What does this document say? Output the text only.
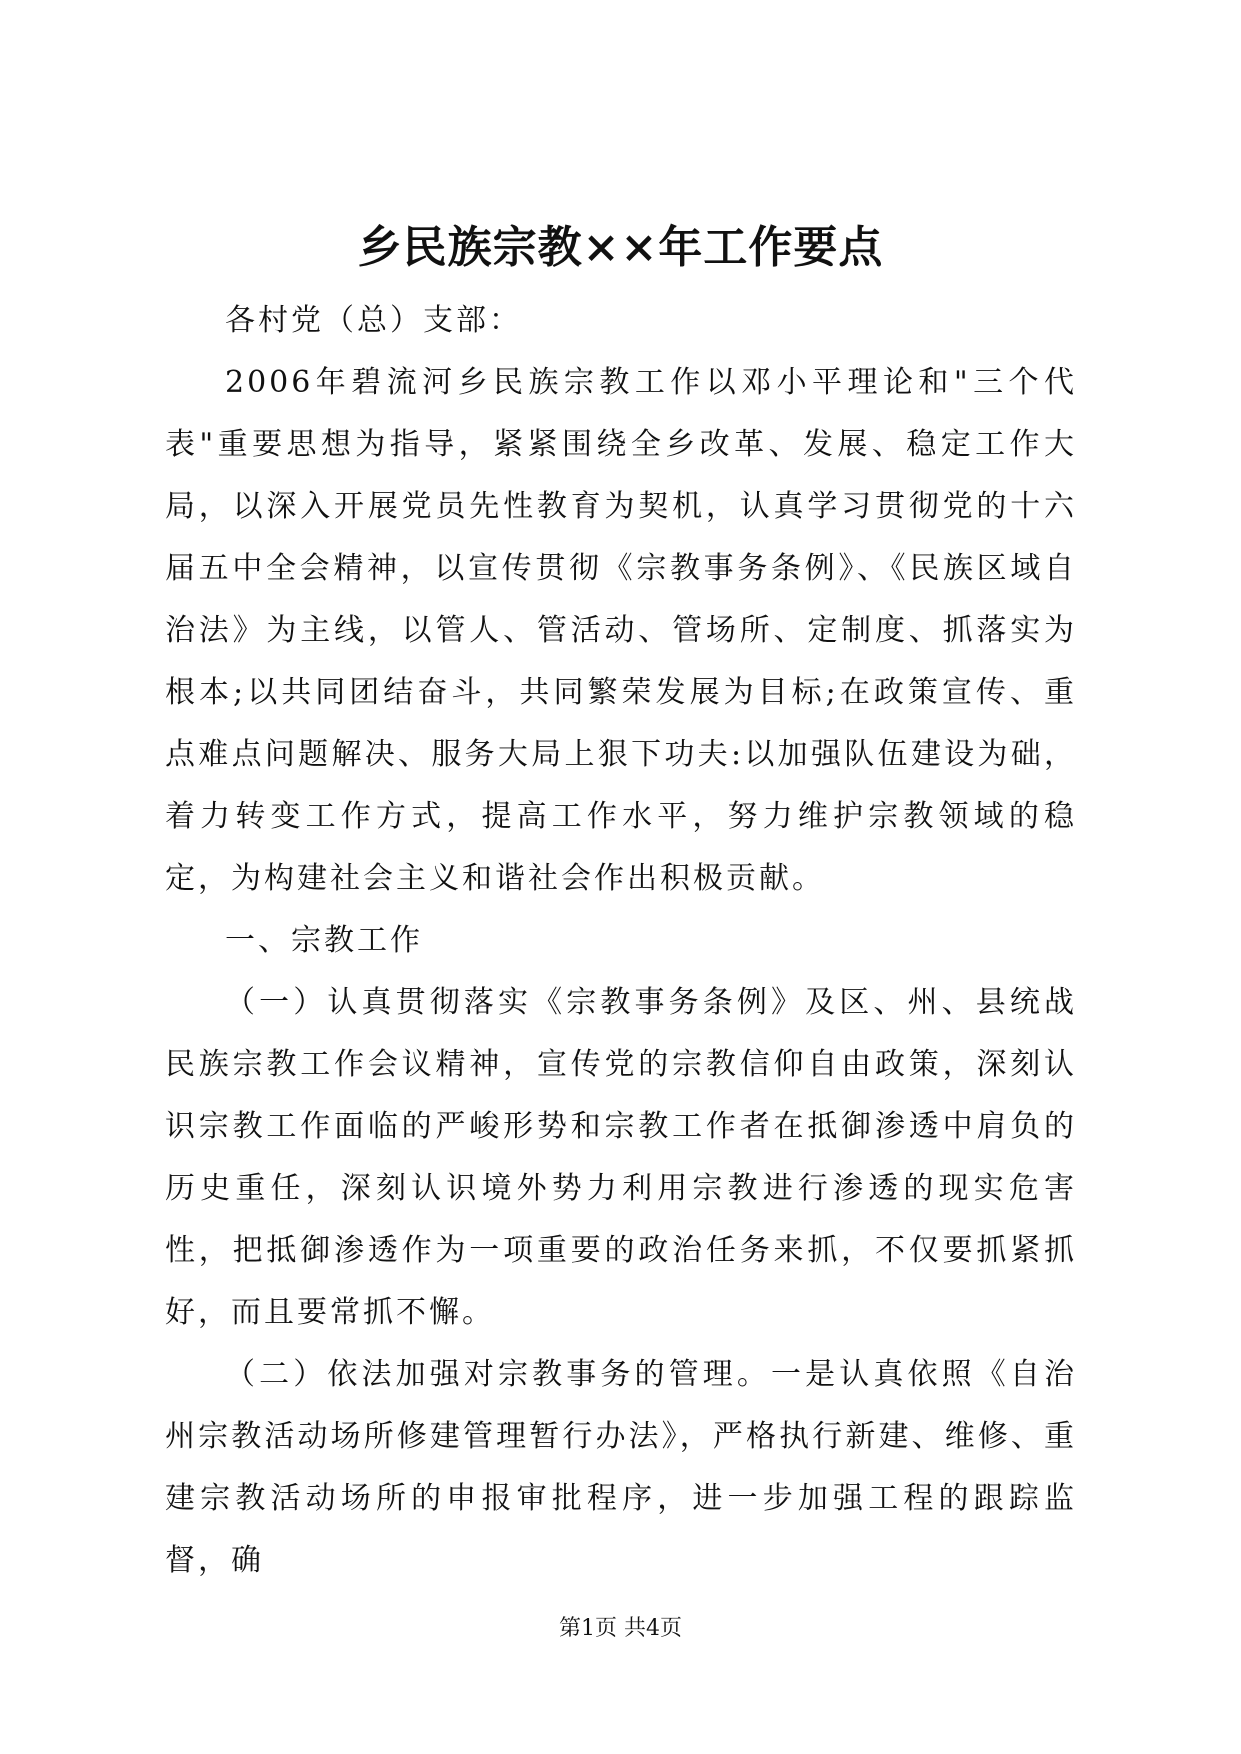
乡民族宗教××年工作要点

各村党（总）支部：

2006年碧流河乡民族宗教工作以邓小平理论和"三个代表"重要思想为指导，紧紧围绕全乡改革、发展、稳定工作大局，以深入开展党员先性教育为契机，认真学习贯彻党的十六届五中全会精神，以宣传贯彻《宗教事务条例》、《民族区域自治法》为主线，以管人、管活动、管场所、定制度、抓落实为根本;以共同团结奋斗，共同繁荣发展为目标;在政策宣传、重点难点问题解决、服务大局上狠下功夫:以加强队伍建设为础，着力转变工作方式，提高工作水平，努力维护宗教领域的稳定，为构建社会主义和谐社会作出积极贡献。

一、宗教工作

（一）认真贯彻落实《宗教事务条例》及区、州、县统战民族宗教工作会议精神，宣传党的宗教信仰自由政策，深刻认识宗教工作面临的严峻形势和宗教工作者在抵御渗透中肩负的历史重任，深刻认识境外势力利用宗教进行渗透的现实危害性，把抵御渗透作为一项重要的政治任务来抓，不仅要抓紧抓好，而且要常抓不懈。

（二）依法加强对宗教事务的管理。一是认真依照《自治州宗教活动场所修建管理暂行办法》，严格执行新建、维修、重建宗教活动场所的申报审批程序，进一步加强工程的跟踪监督，确

第1页 共4页
